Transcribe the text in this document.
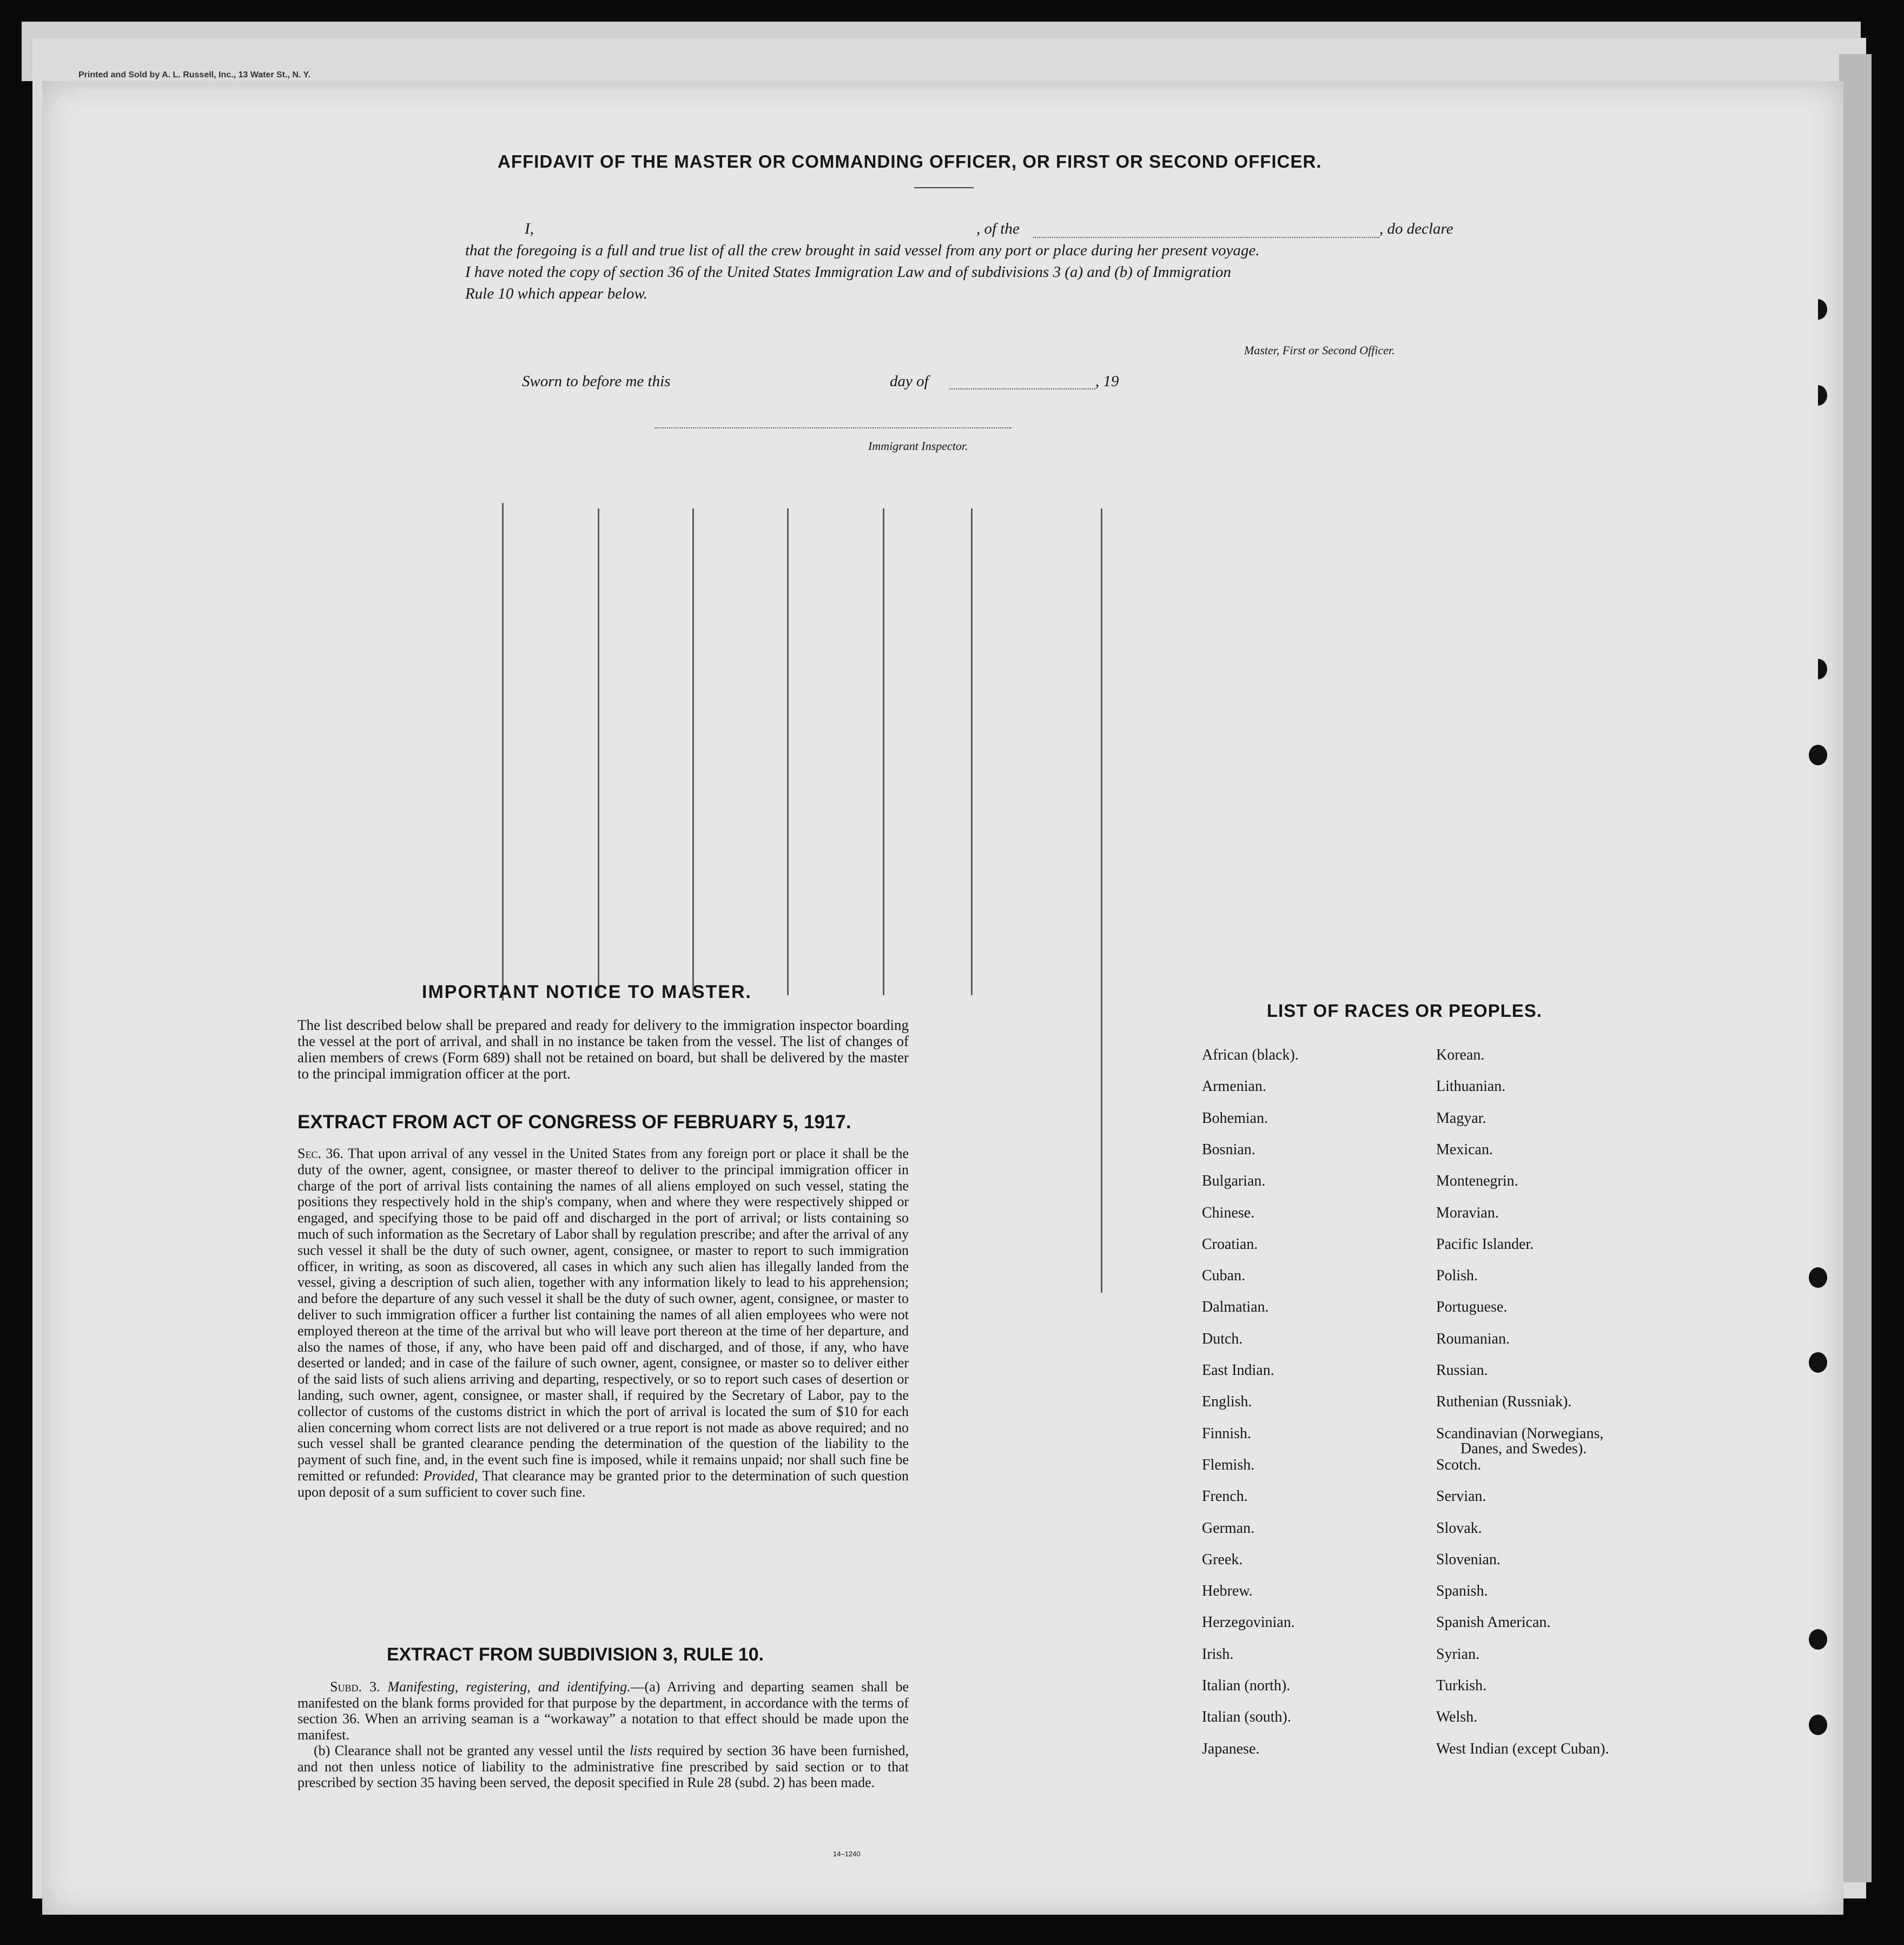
Printed and Sold by A. L. Russell, Inc., 13 Water St., N. Y.
AFFIDAVIT OF THE MASTER OR COMMANDING OFFICER, OR FIRST OR SECOND OFFICER.
I,	, of the	, do declare
that the foregoing is a full and true list of all the crew brought in said vessel from any port or place during her present voyage.
I have noted the copy of section 36 of the United States Immigration Law and of subdivisions 3 (a) and (b) of Immigration
Rule 10 which appear below.
Master, First or Second Officer.
Sworn to before me this	day of	, 19
Immigrant Inspector.
IMPORTANT NOTICE TO MASTER.
The list described below shall be prepared and ready for delivery to the immigration inspector boarding the vessel at the port of arrival, and shall in no instance be taken from the vessel. The list of changes of alien members of crews (Form 689) shall not be retained on board, but shall be delivered by the master to the principal immigration officer at the port.
EXTRACT FROM ACT OF CONGRESS OF FEBRUARY 5, 1917.
Sec. 36. That upon arrival of any vessel in the United States from any foreign port or place it shall be the duty of the owner, agent, consignee, or master thereof to deliver to the principal immigration officer in charge of the port of arrival lists containing the names of all aliens employed on such vessel, stating the positions they respectively hold in the ship's company, when and where they were respectively shipped or engaged, and specifying those to be paid off and discharged in the port of arrival; or lists containing so much of such information as the Secretary of Labor shall by regulation prescribe; and after the arrival of any such vessel it shall be the duty of such owner, agent, consignee, or master to report to such immigration officer, in writing, as soon as discovered, all cases in which any such alien has illegally landed from the vessel, giving a description of such alien, together with any information likely to lead to his apprehension; and before the departure of any such vessel it shall be the duty of such owner, agent, consignee, or master to deliver to such immigration officer a further list containing the names of all alien employees who were not employed thereon at the time of the arrival but who will leave port thereon at the time of her departure, and also the names of those, if any, who have been paid off and discharged, and of those, if any, who have deserted or landed; and in case of the failure of such owner, agent, consignee, or master so to deliver either of the said lists of such aliens arriving and departing, respectively, or so to report such cases of desertion or landing, such owner, agent, consignee, or master shall, if required by the Secretary of Labor, pay to the collector of customs of the customs district in which the port of arrival is located the sum of $10 for each alien concerning whom correct lists are not delivered or a true report is not made as above required; and no such vessel shall be granted clearance pending the determination of the question of the liability to the payment of such fine, and, in the event such fine is imposed, while it remains unpaid; nor shall such fine be remitted or refunded: Provided, That clearance may be granted prior to the determination of such question upon deposit of a sum sufficient to cover such fine.
EXTRACT FROM SUBDIVISION 3, RULE 10.
Subd. 3. Manifesting, registering, and identifying.—(a) Arriving and departing seamen shall be manifested on the blank forms provided for that purpose by the department, in accordance with the terms of section 36. When an arriving seaman is a “workaway” a notation to that effect should be made upon the manifest.
(b) Clearance shall not be granted any vessel until the lists required by section 36 have been furnished, and not then unless notice of liability to the administrative fine prescribed by said section or to that prescribed by section 35 having been served, the deposit specified in Rule 28 (subd. 2) has been made.
14–1240
LIST OF RACES OR PEOPLES.
African (black).
Armenian.
Bohemian.
Bosnian.
Bulgarian.
Chinese.
Croatian.
Cuban.
Dalmatian.
Dutch.
East Indian.
English.
Finnish.
Flemish.
French.
German.
Greek.
Hebrew.
Herzegovinian.
Irish.
Italian (north).
Italian (south).
Japanese.
Korean.
Lithuanian.
Magyar.
Mexican.
Montenegrin.
Moravian.
Pacific Islander.
Polish.
Portuguese.
Roumanian.
Russian.
Ruthenian (Russniak).
Scandinavian (Norwegians,
Danes, and Swedes).
Scotch.
Servian.
Slovak.
Slovenian.
Spanish.
Spanish American.
Syrian.
Turkish.
Welsh.
West Indian (except Cuban).
